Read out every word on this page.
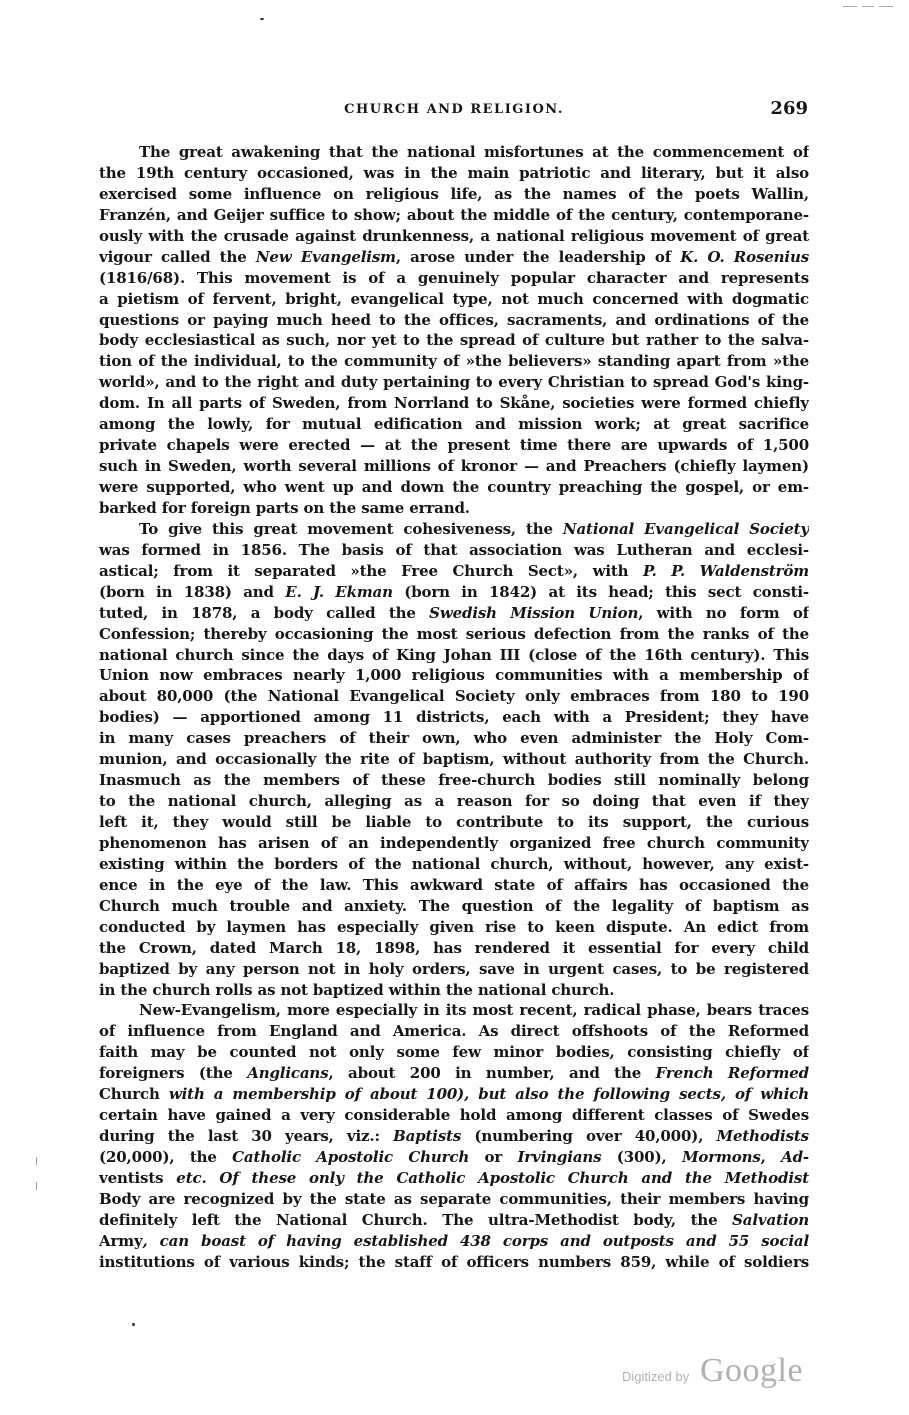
CHURCH AND RELIGION.	269
The great awakening that the national misfortunes at the commencement of
the 19th century occasioned, was in the main patriotic and literary, but it also
exercised some influence on religious life, as the names of the poets Wallin,
Franzén, and Geijer suffice to show; about the middle of the century, contemporane-
ously with the crusade against drunkenness, a national religious movement of great
vigour called the New Evangelism, arose under the leadership of K. O. Rosenius
(1816/68). This movement is of a genuinely popular character and represents
a pietism of fervent, bright, evangelical type, not much concerned with dogmatic
questions or paying much heed to the offices, sacraments, and ordinations of the
body ecclesiastical as such, nor yet to the spread of culture but rather to the salva-
tion of the individual, to the community of »the believers» standing apart from »the
world», and to the right and duty pertaining to every Christian to spread God's king-
dom. In all parts of Sweden, from Norrland to Skåne, societies were formed chiefly
among the lowly, for mutual edification and mission work; at great sacrifice
private chapels were erected — at the present time there are upwards of 1,500
such in Sweden, worth several millions of kronor — and Preachers (chiefly laymen)
were supported, who went up and down the country preaching the gospel, or em-
barked for foreign parts on the same errand.
To give this great movement cohesiveness, the National Evangelical Society
was formed in 1856. The basis of that association was Lutheran and ecclesi-
astical; from it separated »the Free Church Sect», with P. P. Waldenström
(born in 1838) and E. J. Ekman (born in 1842) at its head; this sect consti-
tuted, in 1878, a body called the Swedish Mission Union, with no form of
Confession; thereby occasioning the most serious defection from the ranks of the
national church since the days of King Johan III (close of the 16th century). This
Union now embraces nearly 1,000 religious communities with a membership of
about 80,000 (the National Evangelical Society only embraces from 180 to 190
bodies) — apportioned among 11 districts, each with a President; they have
in many cases preachers of their own, who even administer the Holy Com-
munion, and occasionally the rite of baptism, without authority from the Church.
Inasmuch as the members of these free-church bodies still nominally belong
to the national church, alleging as a reason for so doing that even if they
left it, they would still be liable to contribute to its support, the curious
phenomenon has arisen of an independently organized free church community
existing within the borders of the national church, without, however, any exist-
ence in the eye of the law. This awkward state of affairs has occasioned the
Church much trouble and anxiety. The question of the legality of baptism as
conducted by laymen has especially given rise to keen dispute. An edict from
the Crown, dated March 18, 1898, has rendered it essential for every child
baptized by any person not in holy orders, save in urgent cases, to be registered
in the church rolls as not baptized within the national church.
New-Evangelism, more especially in its most recent, radical phase, bears traces
of influence from England and America. As direct offshoots of the Reformed
faith may be counted not only some few minor bodies, consisting chiefly of
foreigners (the Anglicans, about 200 in number, and the French Reformed
Church with a membership of about 100), but also the following sects, of which
certain have gained a very considerable hold among different classes of Swedes
during the last 30 years, viz.: Baptists (numbering over 40,000), Methodists
(20,000), the Catholic Apostolic Church or Irvingians (300), Mormons, Ad-
ventists etc. Of these only the Catholic Apostolic Church and the Methodist
Body are recognized by the state as separate communities, their members having
definitely left the National Church. The ultra-Methodist body, the Salvation
Army, can boast of having established 438 corps and outposts and 55 social
institutions of various kinds; the staff of officers numbers 859, while of soldiers
Digitized by Google
